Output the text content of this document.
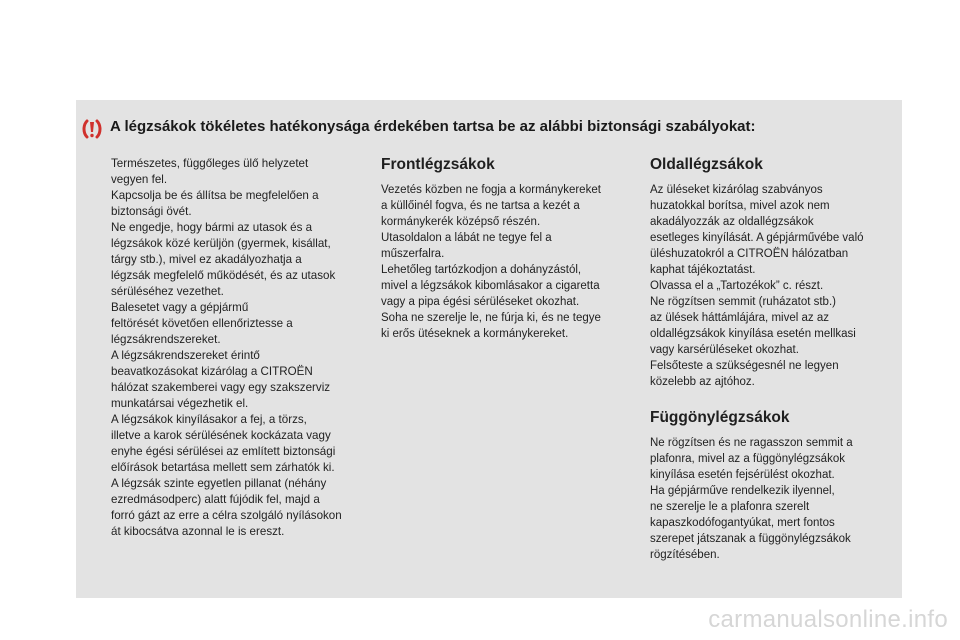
A légzsákok tökéletes hatékonysága érdekében tartsa be az alábbi biztonsági szabályokat:

Természetes, függőleges ülő helyzetet
vegyen fel.
Kapcsolja be és állítsa be megfelelően a
biztonsági övét.
Ne engedje, hogy bármi az utasok és a
légzsákok közé kerüljön (gyermek, kisállat,
tárgy stb.), mivel ez akadályozhatja a
légzsák megfelelő működését, és az utasok
sérüléséhez vezethet.
Balesetet vagy a gépjármű
feltörését követően ellenőriztesse a
légzsákrendszereket.
A légzsákrendszereket érintő
beavatkozásokat kizárólag a CITROËN
hálózat szakemberei vagy egy szakszerviz
munkatársai végezhetik el.
A légzsákok kinyílásakor a fej, a törzs,
illetve a karok sérülésének kockázata vagy
enyhe égési sérülései az említett biztonsági
előírások betartása mellett sem zárhatók ki.
A légzsák szinte egyetlen pillanat (néhány
ezredmásodperc) alatt fújódik fel, majd a
forró gázt az erre a célra szolgáló nyílásokon
át kibocsátva azonnal le is ereszt.

Frontlégzsákok

Vezetés közben ne fogja a kormánykereket
a küllőinél fogva, és ne tartsa a kezét a
kormánykerék középső részén.
Utasoldalon a lábát ne tegye fel a
műszerfalra.
Lehetőleg tartózkodjon a dohányzástól,
mivel a légzsákok kibomlásakor a cigaretta
vagy a pipa égési sérüléseket okozhat.
Soha ne szerelje le, ne fúrja ki, és ne tegye
ki erős ütéseknek a kormánykereket.

Oldallégzsákok

Az üléseket kizárólag szabványos
huzatokkal borítsa, mivel azok nem
akadályozzák az oldallégzsákok
esetleges kinyílását. A gépjárművébe való
üléshuzatokról a CITROËN hálózatban
kaphat tájékoztatást.
Olvassa el a „Tartozékok” c. részt.
Ne rögzítsen semmit (ruházatot stb.)
az ülések háttámlájára, mivel az az
oldallégzsákok kinyílása esetén mellkasi
vagy karsérüléseket okozhat.
Felsőteste a szükségesnél ne legyen
közelebb az ajtóhoz.

Függönylégzsákok

Ne rögzítsen és ne ragasszon semmit a
plafonra, mivel az a függönylégzsákok
kinyílása esetén fejsérülést okozhat.
Ha gépjárműve rendelkezik ilyennel,
ne szerelje le a plafonra szerelt
kapaszkodófogantyúkat, mert fontos
szerepet játszanak a függönylégzsákok
rögzítésében.

carmanualsonline.info
